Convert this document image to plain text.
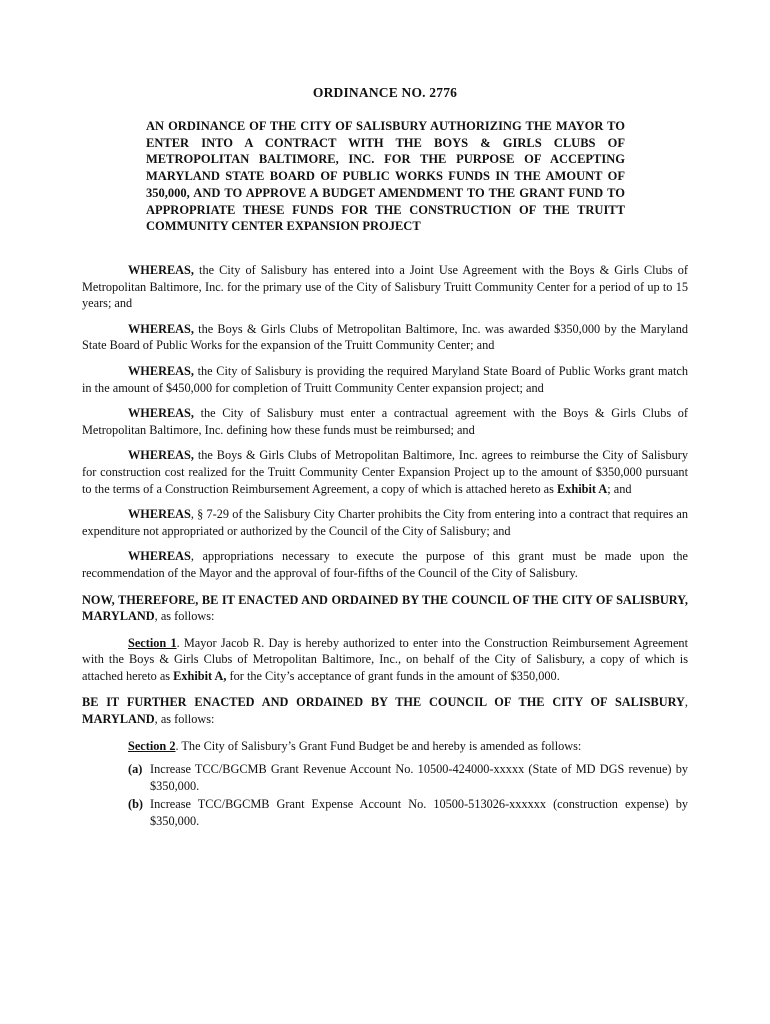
ORDINANCE NO. 2776
AN ORDINANCE OF THE CITY OF SALISBURY AUTHORIZING THE MAYOR TO ENTER INTO A CONTRACT WITH THE BOYS & GIRLS CLUBS OF METROPOLITAN BALTIMORE, INC. FOR THE PURPOSE OF ACCEPTING MARYLAND STATE BOARD OF PUBLIC WORKS FUNDS IN THE AMOUNT OF 350,000, AND TO APPROVE A BUDGET AMENDMENT TO THE GRANT FUND TO APPROPRIATE THESE FUNDS FOR THE CONSTRUCTION OF THE TRUITT COMMUNITY CENTER EXPANSION PROJECT

WHEREAS, the City of Salisbury has entered into a Joint Use Agreement with the Boys & Girls Clubs of Metropolitan Baltimore, Inc. for the primary use of the City of Salisbury Truitt Community Center for a period of up to 15 years; and

WHEREAS, the Boys & Girls Clubs of Metropolitan Baltimore, Inc. was awarded $350,000 by the Maryland State Board of Public Works for the expansion of the Truitt Community Center; and

WHEREAS, the City of Salisbury is providing the required Maryland State Board of Public Works grant match in the amount of $450,000 for completion of Truitt Community Center expansion project; and

WHEREAS, the City of Salisbury must enter a contractual agreement with the Boys & Girls Clubs of Metropolitan Baltimore, Inc. defining how these funds must be reimbursed; and

WHEREAS, the Boys & Girls Clubs of Metropolitan Baltimore, Inc. agrees to reimburse the City of Salisbury for construction cost realized for the Truitt Community Center Expansion Project up to the amount of $350,000 pursuant to the terms of a Construction Reimbursement Agreement, a copy of which is attached hereto as Exhibit A; and

WHEREAS, § 7-29 of the Salisbury City Charter prohibits the City from entering into a contract that requires an expenditure not appropriated or authorized by the Council of the City of Salisbury; and

WHEREAS, appropriations necessary to execute the purpose of this grant must be made upon the recommendation of the Mayor and the approval of four-fifths of the Council of the City of Salisbury.

NOW, THEREFORE, BE IT ENACTED AND ORDAINED BY THE COUNCIL OF THE CITY OF SALISBURY, MARYLAND, as follows:

Section 1. Mayor Jacob R. Day is hereby authorized to enter into the Construction Reimbursement Agreement with the Boys & Girls Clubs of Metropolitan Baltimore, Inc., on behalf of the City of Salisbury, a copy of which is attached hereto as Exhibit A, for the City’s acceptance of grant funds in the amount of $350,000.

BE IT FURTHER ENACTED AND ORDAINED BY THE COUNCIL OF THE CITY OF SALISBURY, MARYLAND, as follows:

Section 2. The City of Salisbury’s Grant Fund Budget be and hereby is amended as follows:

(a) Increase TCC/BGCMB Grant Revenue Account No. 10500-424000-xxxxx (State of MD DGS revenue) by $350,000.
(b) Increase TCC/BGCMB Grant Expense Account No. 10500-513026-xxxxxx (construction expense) by $350,000.
